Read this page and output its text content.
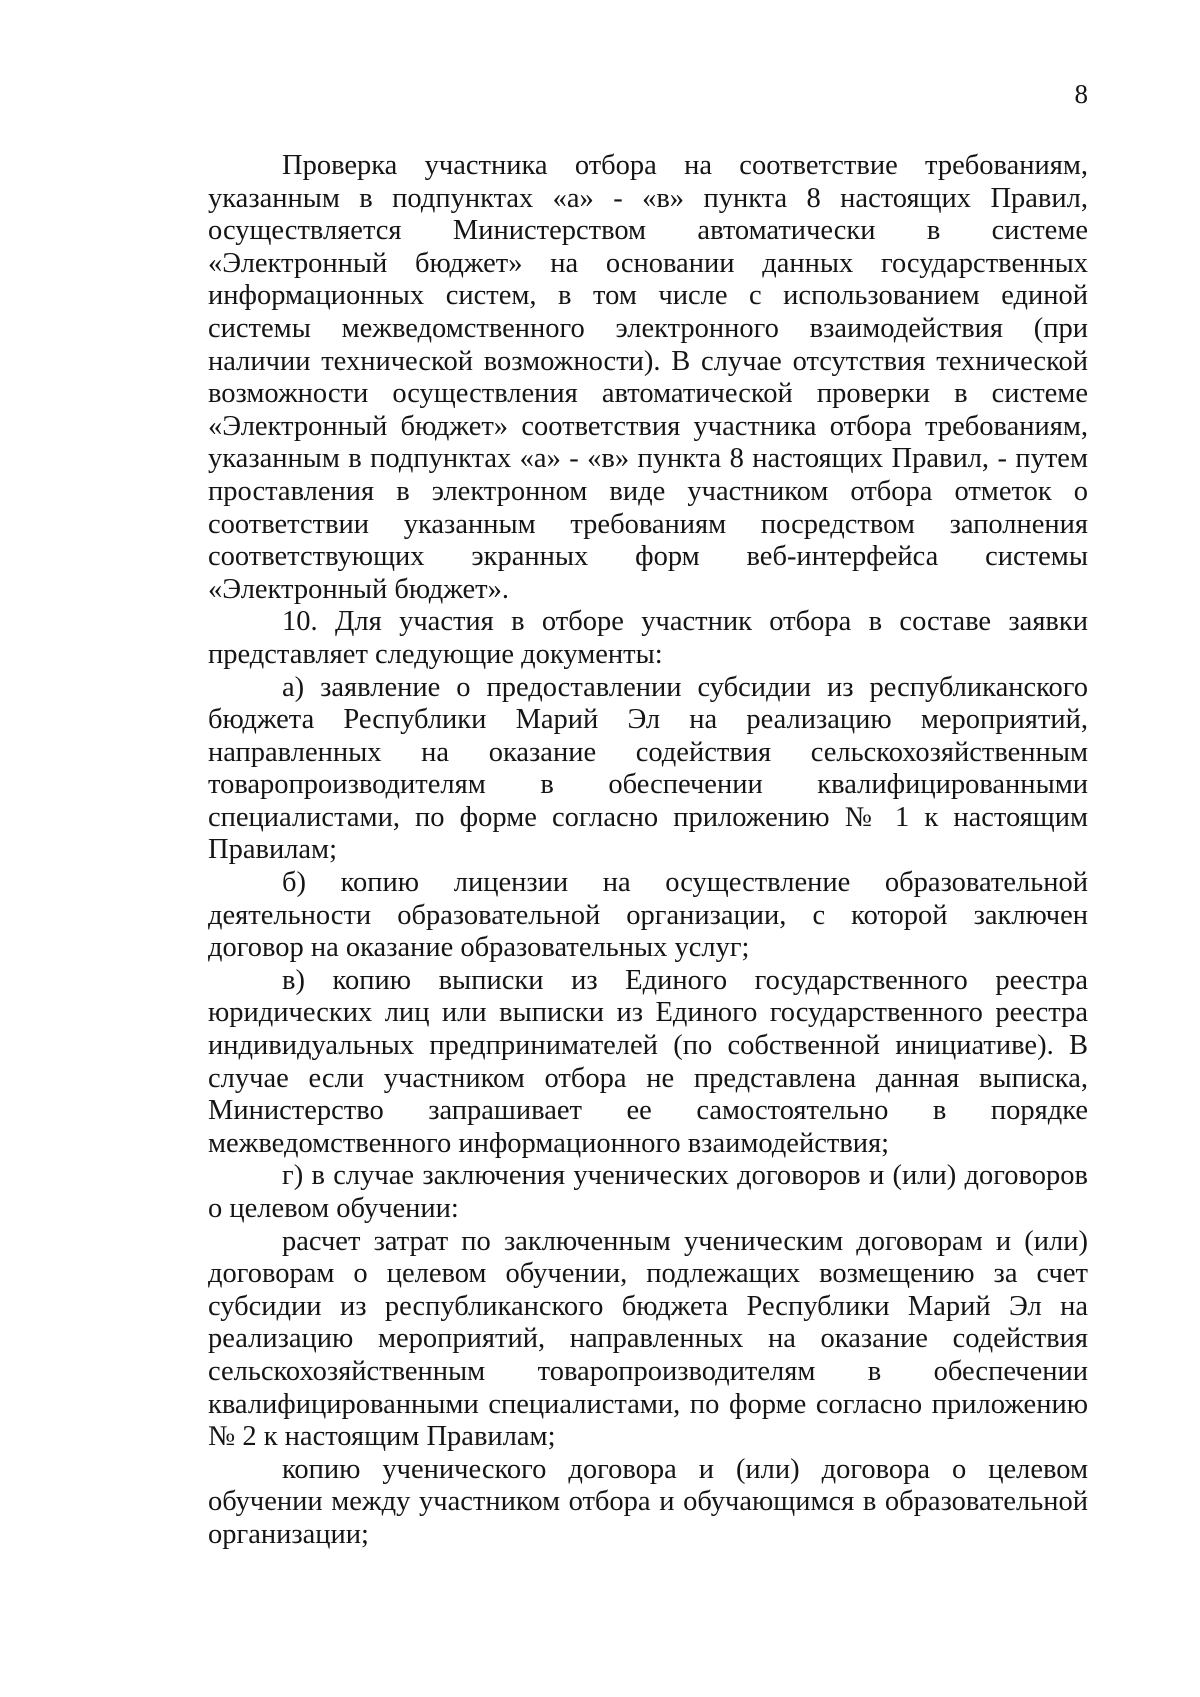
8

Проверка участника отбора на соответствие требованиям, указанным в подпунктах «а» - «в» пункта 8 настоящих Правил, осуществляется Министерством автоматически в системе «Электронный бюджет» на основании данных государственных информационных систем, в том числе с использованием единой системы межведомственного электронного взаимодействия (при наличии технической возможности). В случае отсутствия технической возможности осуществления автоматической проверки в системе «Электронный бюджет» соответствия участника отбора требованиям, указанным в подпунктах «а» - «в» пункта 8 настоящих Правил, - путем проставления в электронном виде участником отбора отметок о соответствии указанным требованиям посредством заполнения соответствующих экранных форм веб-интерфейса системы «Электронный бюджет».

10. Для участия в отборе участник отбора в составе заявки представляет следующие документы:

а) заявление о предоставлении субсидии из республиканского бюджета Республики Марий Эл на реализацию мероприятий, направленных на оказание содействия сельскохозяйственным товаропроизводителям в обеспечении квалифицированными специалистами, по форме согласно приложению № 1 к настоящим Правилам;

б) копию лицензии на осуществление образовательной деятельности образовательной организации, с которой заключен договор на оказание образовательных услуг;

в) копию выписки из Единого государственного реестра юридических лиц или выписки из Единого государственного реестра индивидуальных предпринимателей (по собственной инициативе). В случае если участником отбора не представлена данная выписка, Министерство запрашивает ее самостоятельно в порядке межведомственного информационного взаимодействия;

г) в случае заключения ученических договоров и (или) договоров о целевом обучении:

расчет затрат по заключенным ученическим договорам и (или) договорам о целевом обучении, подлежащих возмещению за счет субсидии из республиканского бюджета Республики Марий Эл на реализацию мероприятий, направленных на оказание содействия сельскохозяйственным товаропроизводителям в обеспечении квалифицированными специалистами, по форме согласно приложению № 2 к настоящим Правилам;

копию ученического договора и (или) договора о целевом обучении между участником отбора и обучающимся в образовательной организации;
